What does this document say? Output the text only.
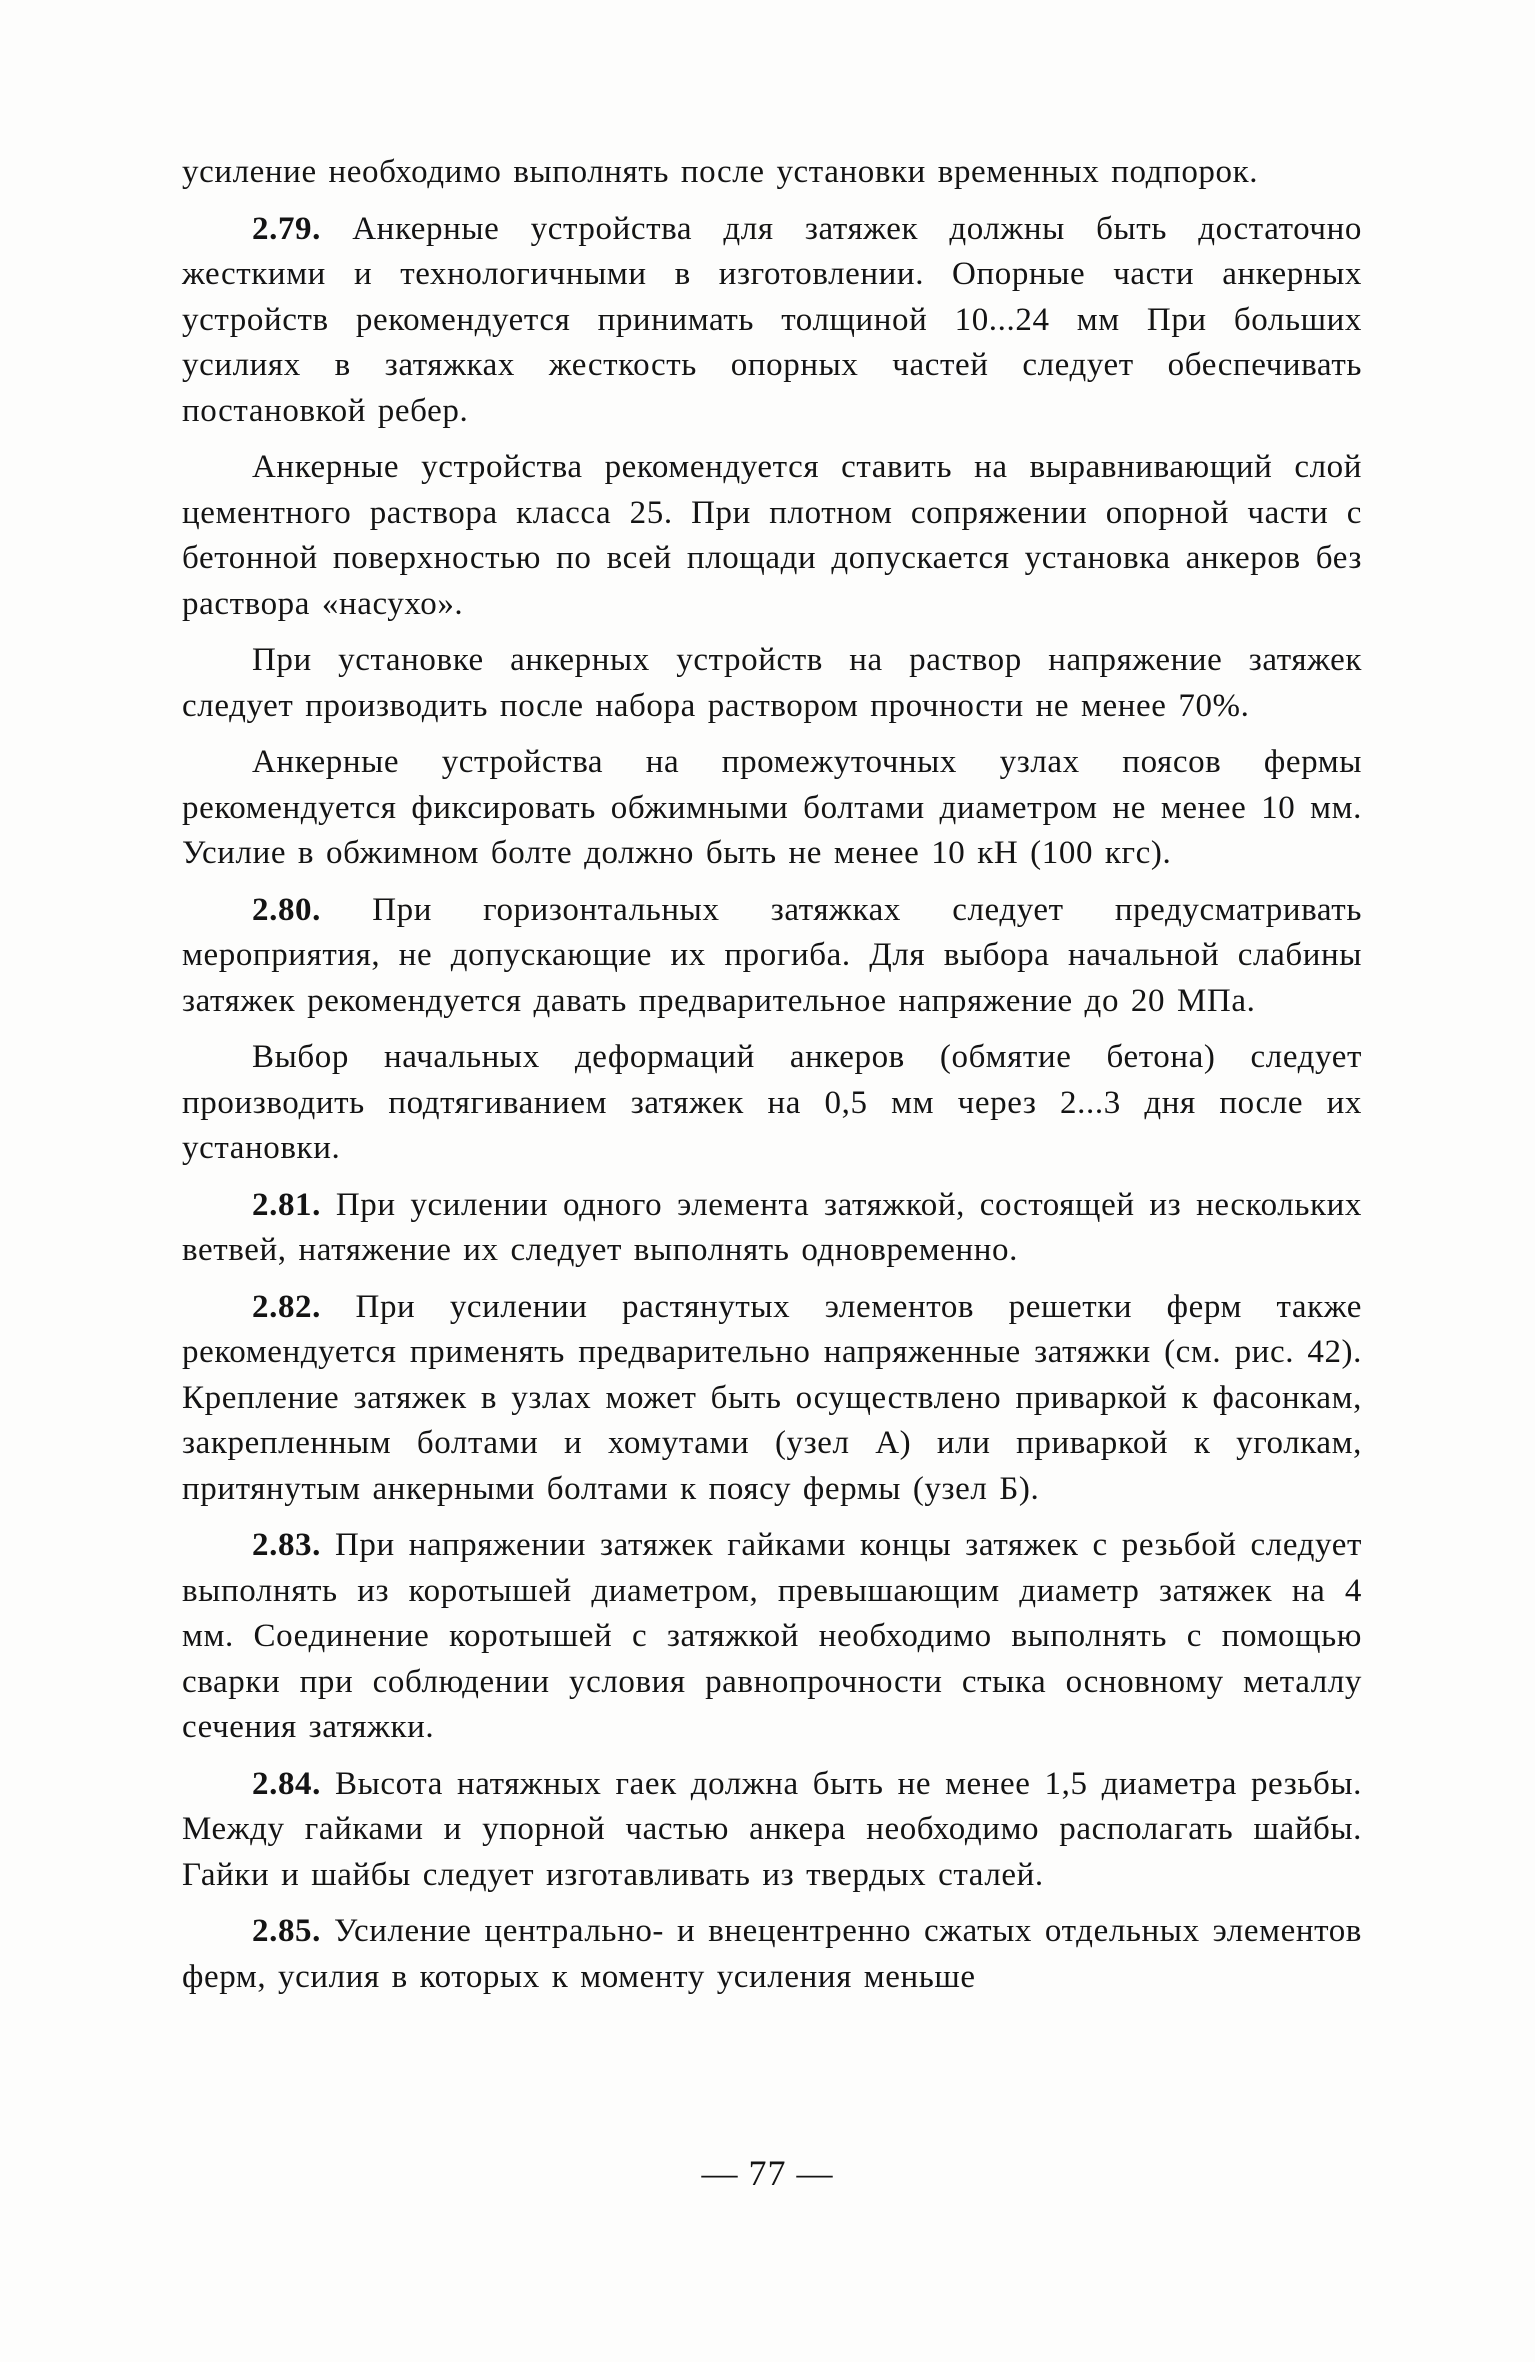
усиление необходимо выполнять после установки временных подпорок.

2.79. Анкерные устройства для затяжек должны быть достаточно жесткими и технологичными в изготовлении. Опорные части анкерных устройств рекомендуется принимать толщиной 10...24 мм При больших усилиях в затяжках жесткость опорных частей следует обеспечивать постановкой ребер.

Анкерные устройства рекомендуется ставить на выравнивающий слой цементного раствора класса 25. При плотном сопряжении опорной части с бетонной поверхностью по всей площади допускается установка анкеров без раствора «насухо».

При установке анкерных устройств на раствор напряжение затяжек следует производить после набора раствором прочности не менее 70%.

Анкерные устройства на промежуточных узлах поясов фермы рекомендуется фиксировать обжимными болтами диаметром не менее 10 мм. Усилие в обжимном болте должно быть не менее 10 кН (100 кгс).

2.80. При горизонтальных затяжках следует предусматривать мероприятия, не допускающие их прогиба. Для выбора начальной слабины затяжек рекомендуется давать предварительное напряжение до 20 МПа.

Выбор начальных деформаций анкеров (обмятие бетона) следует производить подтягиванием затяжек на 0,5 мм через 2...3 дня после их установки.

2.81. При усилении одного элемента затяжкой, состоящей из нескольких ветвей, натяжение их следует выполнять одновременно.

2.82. При усилении растянутых элементов решетки ферм также рекомендуется применять предварительно напряженные затяжки (см. рис. 42). Крепление затяжек в узлах может быть осуществлено приваркой к фасонкам, закрепленным болтами и хомутами (узел А) или приваркой к уголкам, притянутым анкерными болтами к поясу фермы (узел Б).

2.83. При напряжении затяжек гайками концы затяжек с резьбой следует выполнять из коротышей диаметром, превышающим диаметр затяжек на 4 мм. Соединение коротышей с затяжкой необходимо выполнять с помощью сварки при соблюдении условия равнопрочности стыка основному металлу сечения затяжки.

2.84. Высота натяжных гаек должна быть не менее 1,5 диаметра резьбы. Между гайками и упорной частью анкера необходимо располагать шайбы. Гайки и шайбы следует изготавливать из твердых сталей.

2.85. Усиление центрально- и внецентренно сжатых отдельных элементов ферм, усилия в которых к моменту усиления меньше

— 77 —
